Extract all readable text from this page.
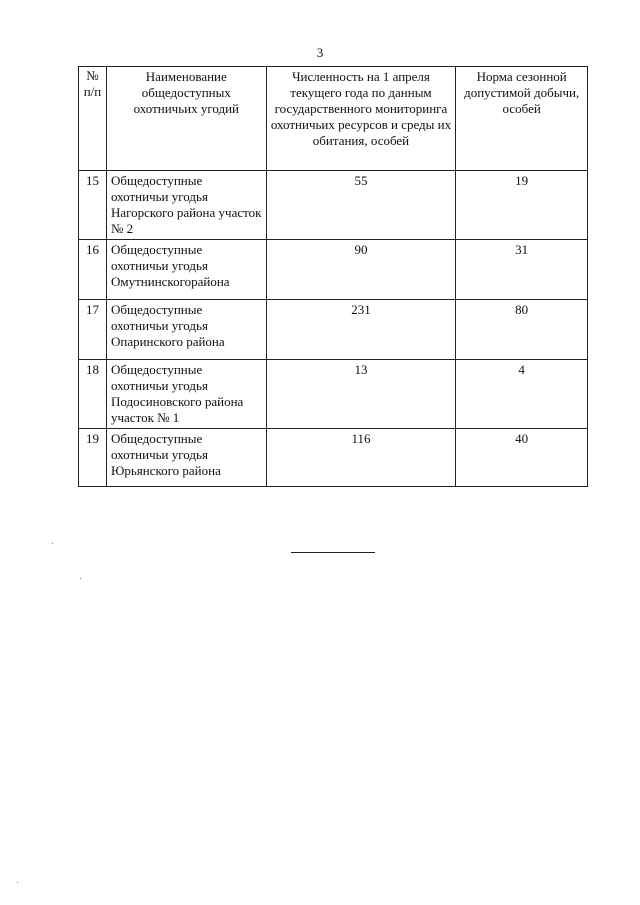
3
№ п/п	Наименование общедоступных охотничьих угодий	Численность на 1 апреля текущего года по данным государственного мониторинга охотничьих ресурсов и среды их обитания, особей	Норма сезонной допустимой добычи, особей
15	Общедоступные охотничьи угодья Нагорского района участок № 2	55	19
16	Общедоступные охотничьи угодья Омутнинскогорайона	90	31
17	Общедоступные охотничьи угодья Опаринского района	231	80
18	Общедоступные охотничьи угодья Подосиновского района участок № 1	13	4
19	Общедоступные охотничьи угодья Юрьянского района	116	40
